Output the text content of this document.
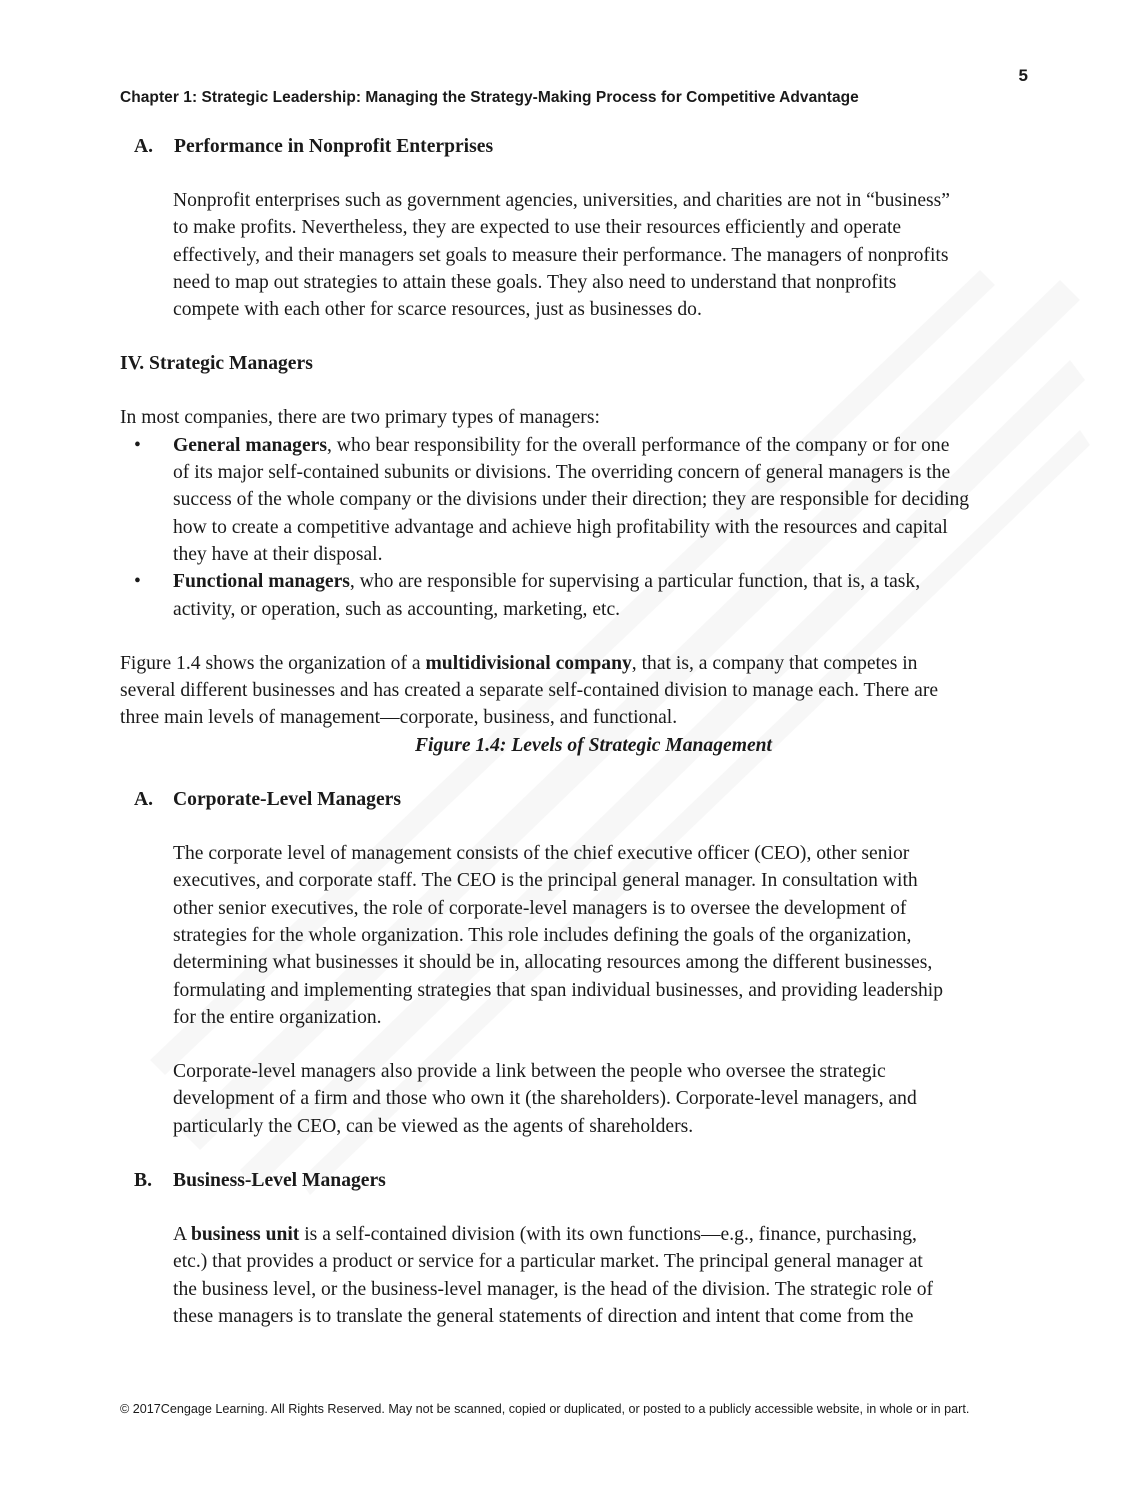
5
Chapter 1: Strategic Leadership: Managing the Strategy-Making Process for Competitive Advantage
A. Performance in Nonprofit Enterprises
Nonprofit enterprises such as government agencies, universities, and charities are not in “business”
to make profits. Nevertheless, they are expected to use their resources efficiently and operate
effectively, and their managers set goals to measure their performance. The managers of nonprofits
need to map out strategies to attain these goals. They also need to understand that nonprofits
compete with each other for scarce resources, just as businesses do.
IV. Strategic Managers

In most companies, there are two primary types of managers:

• General managers, who bear responsibility for the overall performance of the company or for one
of its major self-contained subunits or divisions. The overriding concern of general managers is the
success of the whole company or the divisions under their direction; they are responsible for deciding
how to create a competitive advantage and achieve high profitability with the resources and capital
they have at their disposal.
• Functional managers, who are responsible for supervising a particular function, that is, a task,
activity, or operation, such as accounting, marketing, etc.
Figure 1.4 shows the organization of a multidivisional company, that is, a company that competes in
several different businesses and has created a separate self-contained division to manage each. There are
three main levels of management—corporate, business, and functional.
Figure 1.4: Levels of Strategic Management
A. Corporate-Level Managers
The corporate level of management consists of the chief executive officer (CEO), other senior
executives, and corporate staff. The CEO is the principal general manager. In consultation with
other senior executives, the role of corporate-level managers is to oversee the development of
strategies for the whole organization. This role includes defining the goals of the organization,
determining what businesses it should be in, allocating resources among the different businesses,
formulating and implementing strategies that span individual businesses, and providing leadership
for the entire organization.
Corporate-level managers also provide a link between the people who oversee the strategic
development of a firm and those who own it (the shareholders). Corporate-level managers, and
particularly the CEO, can be viewed as the agents of shareholders.
B. Business-Level Managers
A business unit is a self-contained division (with its own functions—e.g., finance, purchasing,
etc.) that provides a product or service for a particular market. The principal general manager at
the business level, or the business-level manager, is the head of the division. The strategic role of
these managers is to translate the general statements of direction and intent that come from the
© 2017Cengage Learning. All Rights Reserved. May not be scanned, copied or duplicated, or posted to a publicly accessible website, in whole or in part.
